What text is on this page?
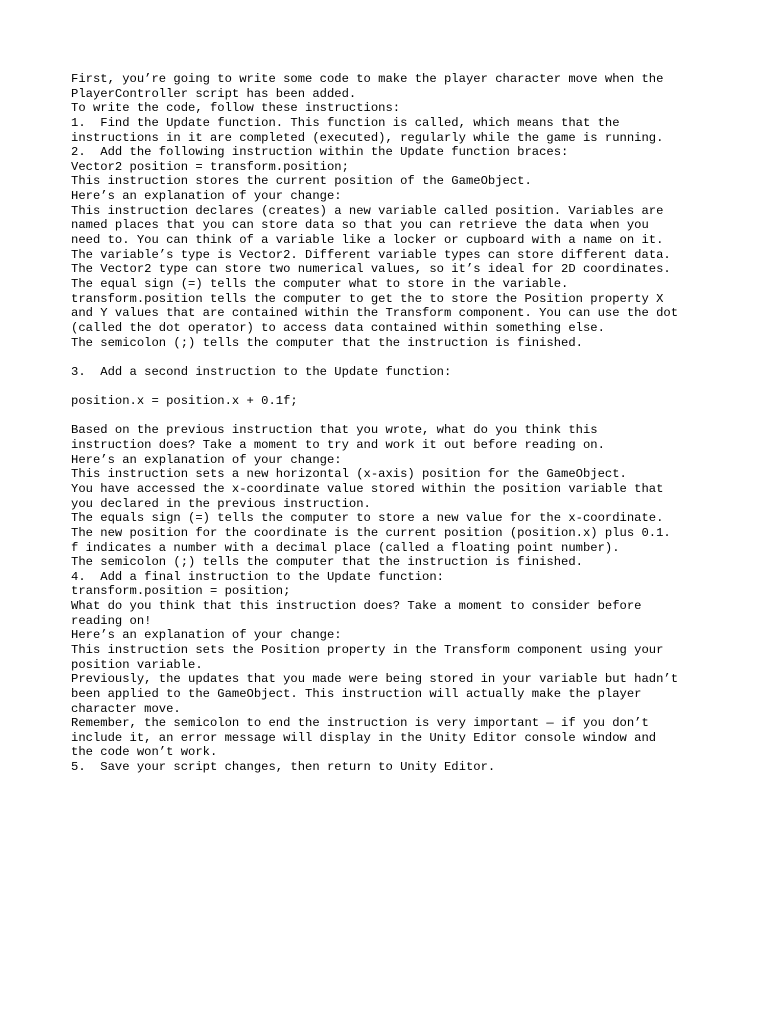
First, you’re going to write some code to make the player character move when the
PlayerController script has been added.
To write the code, follow these instructions:
1.  Find the Update function. This function is called, which means that the
instructions in it are completed (executed), regularly while the game is running.
2.  Add the following instruction within the Update function braces:
Vector2 position = transform.position;
This instruction stores the current position of the GameObject.
Here’s an explanation of your change:
This instruction declares (creates) a new variable called position. Variables are
named places that you can store data so that you can retrieve the data when you
need to. You can think of a variable like a locker or cupboard with a name on it.
The variable’s type is Vector2. Different variable types can store different data.
The Vector2 type can store two numerical values, so it’s ideal for 2D coordinates.
The equal sign (=) tells the computer what to store in the variable.
transform.position tells the computer to get the to store the Position property X
and Y values that are contained within the Transform component. You can use the dot
(called the dot operator) to access data contained within something else.
The semicolon (;) tells the computer that the instruction is finished.
3.  Add a second instruction to the Update function:
position.x = position.x + 0.1f;
Based on the previous instruction that you wrote, what do you think this
instruction does? Take a moment to try and work it out before reading on.
Here’s an explanation of your change:
This instruction sets a new horizontal (x-axis) position for the GameObject.
You have accessed the x-coordinate value stored within the position variable that
you declared in the previous instruction.
The equals sign (=) tells the computer to store a new value for the x-coordinate.
The new position for the coordinate is the current position (position.x) plus 0.1.
f indicates a number with a decimal place (called a floating point number).
The semicolon (;) tells the computer that the instruction is finished.
4.  Add a final instruction to the Update function:
transform.position = position;
What do you think that this instruction does? Take a moment to consider before
reading on!
Here’s an explanation of your change:
This instruction sets the Position property in the Transform component using your
position variable.
Previously, the updates that you made were being stored in your variable but hadn’t
been applied to the GameObject. This instruction will actually make the player
character move.
Remember, the semicolon to end the instruction is very important — if you don’t
include it, an error message will display in the Unity Editor console window and
the code won’t work.
5.  Save your script changes, then return to Unity Editor.
